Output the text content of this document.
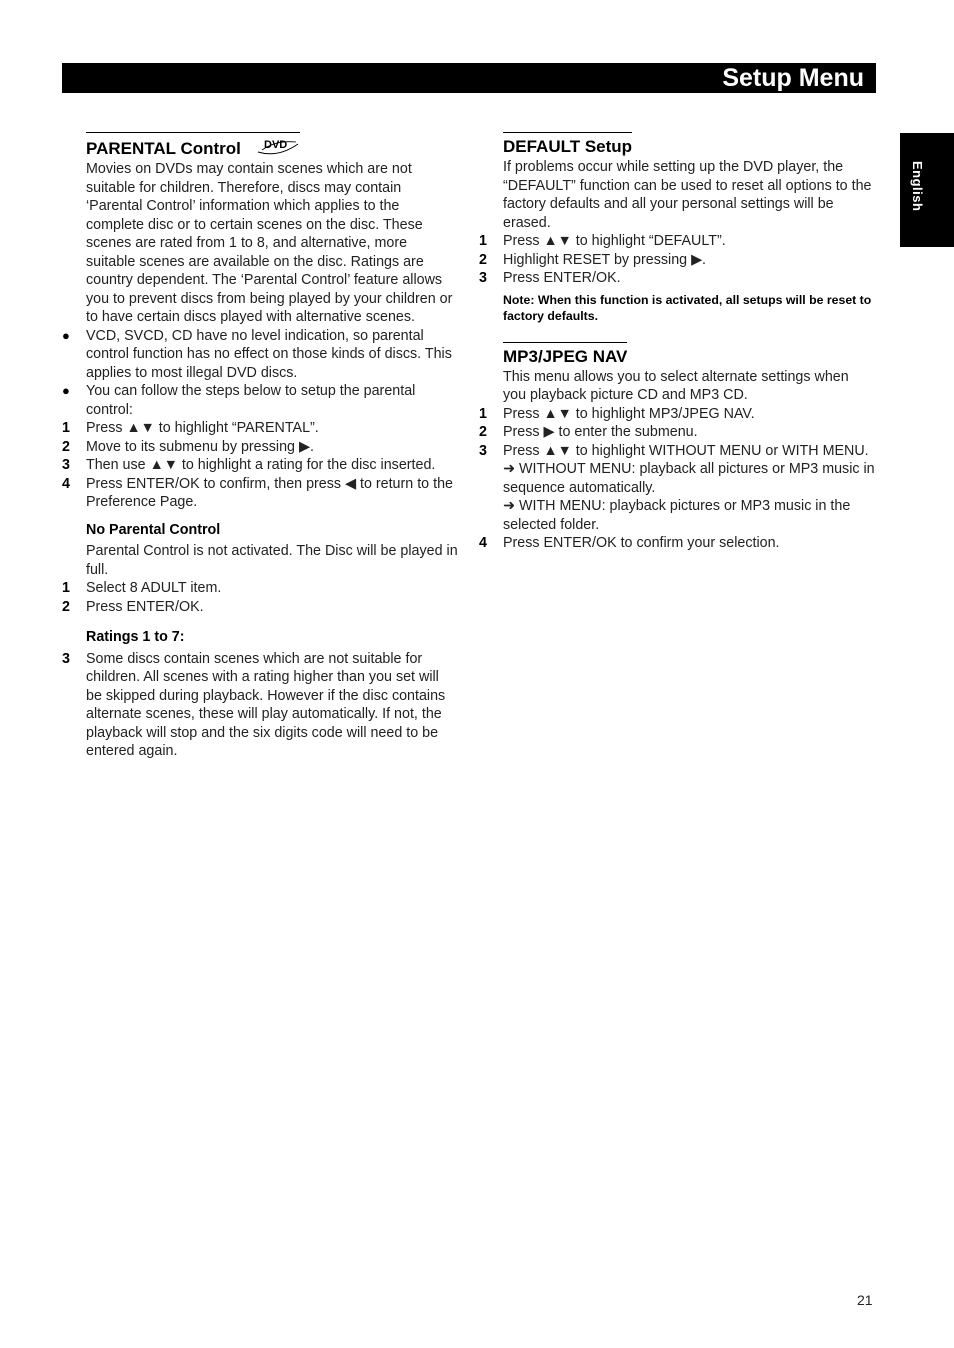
Setup Menu
English
PARENTAL Control DVD

Movies on DVDs may contain scenes which are not suitable for children. Therefore, discs may contain ‘Parental Control’ information which applies to the complete disc or to certain scenes on the disc. These scenes are rated from 1 to 8, and alternative, more suitable scenes are available on the disc. Ratings are country dependent. The ‘Parental Control’ feature allows you to prevent discs from being played by your children or to have certain discs played with alternative scenes.

●	VCD, SVCD, CD have no level indication, so parental control function has no effect on those kinds of discs. This applies to most illegal DVD discs.
●	You can follow the steps below to setup the parental control:
1	Press ▲▼ to highlight “PARENTAL”.
2	Move to its submenu by pressing ▶.
3	Then use ▲▼ to highlight a rating for the disc inserted.
4	Press ENTER/OK to confirm, then press ◀ to return to the Preference Page.
No Parental Control

Parental Control is not activated. The Disc will be played in full.

1	Select 8 ADULT item.
2	Press ENTER/OK.
Ratings 1 to 7:
3	Some discs contain scenes which are not suitable for children. All scenes with a rating higher than you set will be skipped during playback. However if the disc contains alternate scenes, these will play automatically. If not, the playback will stop and the six digits code will need to be entered again.
DEFAULT Setup

If problems occur while setting up the DVD player, the “DEFAULT” function can be used to reset all options to the factory defaults and all your personal settings will be erased.

1	Press ▲▼ to highlight “DEFAULT”.
2	Highlight RESET by pressing ▶.
3	Press ENTER/OK.

Note: When this function is activated, all setups will be reset to factory defaults.

MP3/JPEG NAV

This menu allows you to select alternate settings when you playback picture CD and MP3 CD.

1	Press ▲▼ to highlight MP3/JPEG NAV.
2	Press ▶ to enter the submenu.
3	Press ▲▼ to highlight WITHOUT MENU or WITH MENU.
➜ WITHOUT MENU: playback all pictures or MP3 music in sequence automatically.
➜ WITH MENU: playback pictures or MP3 music in the selected folder.
4	Press ENTER/OK to confirm your selection.
21
